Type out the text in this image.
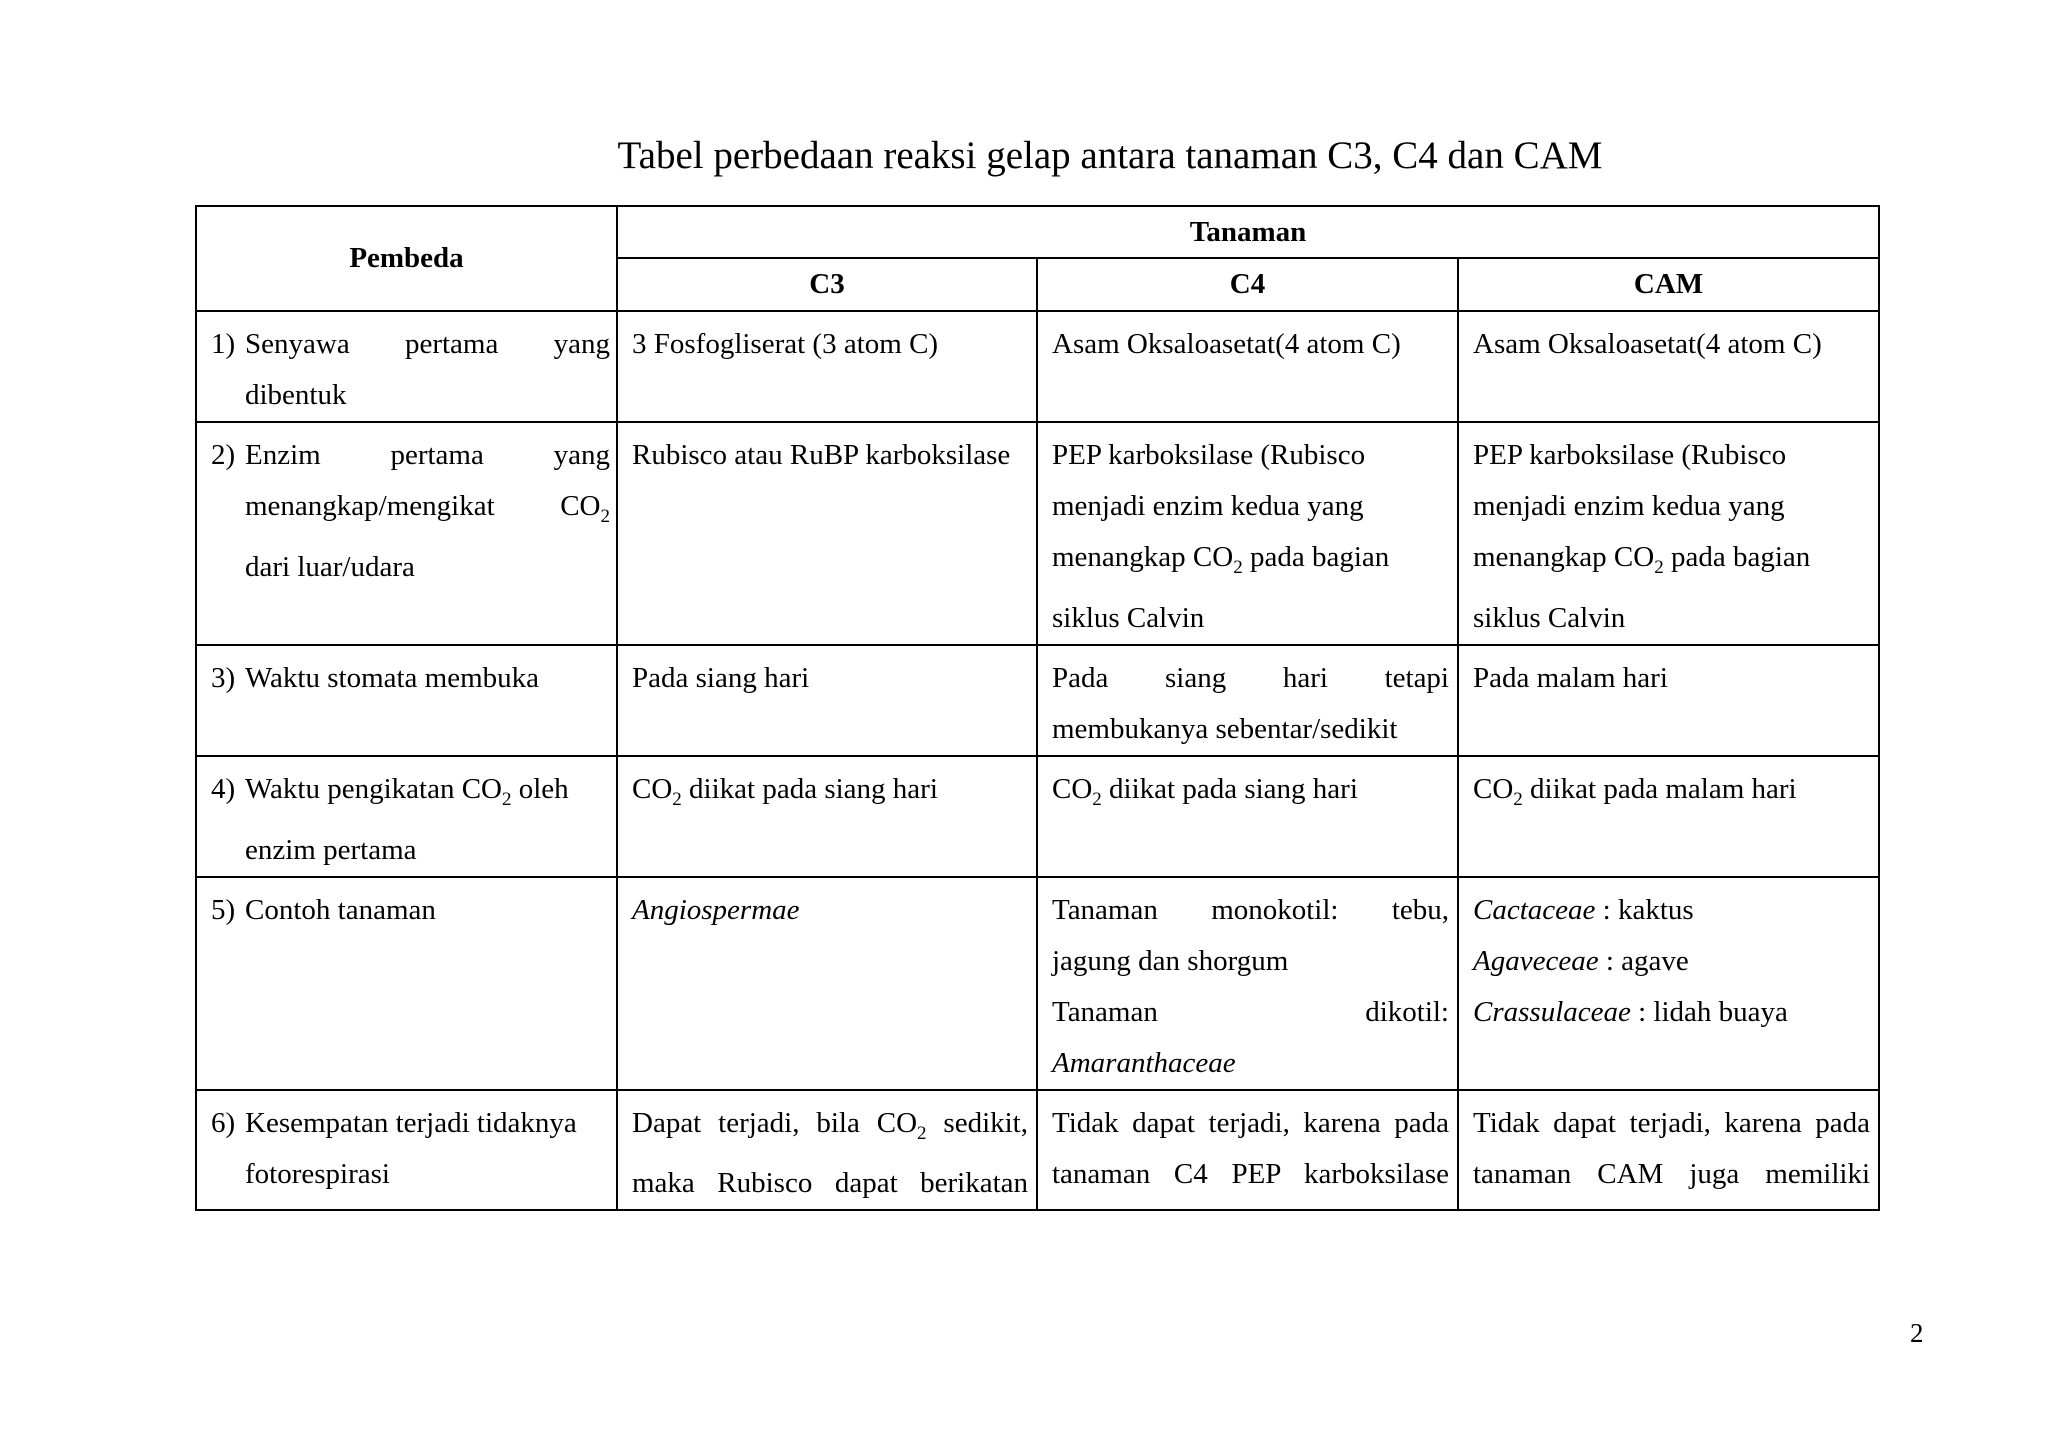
Tabel perbedaan reaksi gelap antara tanaman C3, C4 dan CAM
Pembeda	Tanaman		
	C3	C4	CAM

1) Senyawa pertama yang
dibentuk	3 Fosfogliserat (3 atom C)	Asam Oksaloasetat(4 atom C)	Asam Oksaloasetat(4 atom C)

2) Enzim pertama yang
menangkap/mengikat $CO_2$
dari luar/udara	Rubisco atau RuBP karboksilase	PEP karboksilase (Rubisco
menjadi enzim kedua yang
menangkap $CO_2$ pada bagian
siklus Calvin	PEP karboksilase (Rubisco
menjadi enzim kedua yang
menangkap $CO_2$ pada bagian
siklus Calvin

3) Waktu stomata membuka	Pada siang hari	Pada siang hari tetapi
membukanya sebentar/sedikit	Pada malam hari

4) Waktu pengikatan $CO_2$ oleh
enzim pertama	$CO_2$ diikat pada siang hari	$CO_2$ diikat pada siang hari	$CO_2$ diikat pada malam hari

5) Contoh tanaman	Angiospermae	Tanaman monokotil: tebu,
jagung dan shorgum
Tanaman dikotil:
Amaranthaceae	Cactaceae : kaktus
Agaveceae : agave
Crassulaceae : lidah buaya

6) Kesempatan terjadi tidaknya
fotorespirasi	Dapat terjadi, bila $CO_2$ sedikit,
maka Rubisco dapat berikatan	Tidak dapat terjadi, karena pada
tanaman C4 PEP karboksilase	Tidak dapat terjadi, karena pada
tanaman CAM juga memiliki
2
